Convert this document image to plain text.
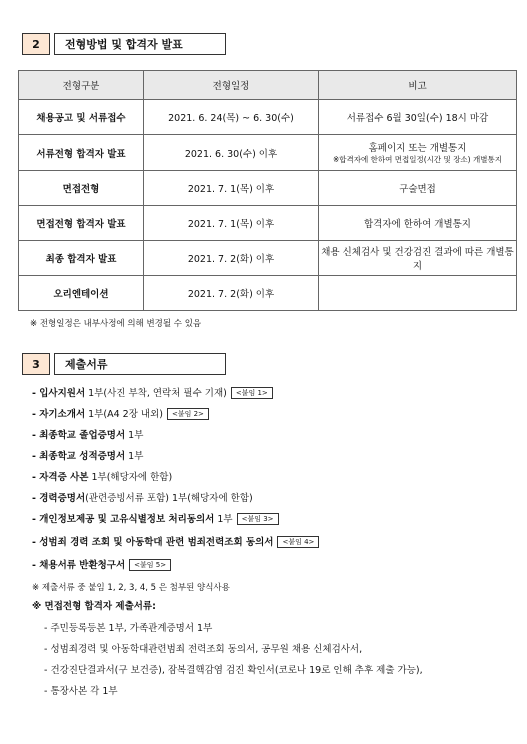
2	전형방법 및 합격자 발표
전형구분	전형일정	비고
채용공고 및 서류접수	2021. 6. 24(목) ~ 6. 30(수)	서류접수 6월 30일(수) 18시 마감
서류전형 합격자 발표	2021. 6. 30(수) 이후	홈페이지 또는 개별통지
※합격자에 한하여 면접일정(시간 및 장소) 개별통지

면접전형	2021. 7. 1(목) 이후	구술면접
면접전형 합격자 발표	2021. 7. 1(목) 이후	합격자에 한하여 개별통지
최종 합격자 발표	2021. 7. 2(화) 이후	채용 신체검사 및 건강검진 결과에 따른 개별통지
오리엔테이션	2021. 7. 2(화) 이후	
※ 전형일정은 내부사정에 의해 변경될 수 있음
3	제출서류
- 입사지원서 1부(사진 부착, 연락처 필수 기재) <붙임 1>
- 자기소개서 1부(A4 2장 내외) <붙임 2>
- 최종학교 졸업증명서 1부
- 최종학교 성적증명서 1부
- 자격증 사본 1부(해당자에 한함)
- 경력증명서(관련증빙서류 포함) 1부(해당자에 한함)
- 개인정보제공 및 고유식별정보 처리동의서 1부 <붙임 3>
- 성범죄 경력 조회 및 아동학대 관련 범죄전력조회 동의서 <붙임 4>
- 채용서류 반환청구서 <붙임 5>
※ 제출서류 중 붙임 1, 2, 3, 4, 5 은 첨부된 양식사용
※ 면접전형 합격자 제출서류:
- 주민등록등본 1부, 가족관계증명서 1부
- 성범죄경력 및 아동학대관련범죄 전력조회 동의서, 공무원 채용 신체검사서,
- 건강진단결과서(구 보건증), 잠복결핵감염 검진 확인서(코로나 19로 인해 추후 제출 가능),
- 통장사본 각 1부
